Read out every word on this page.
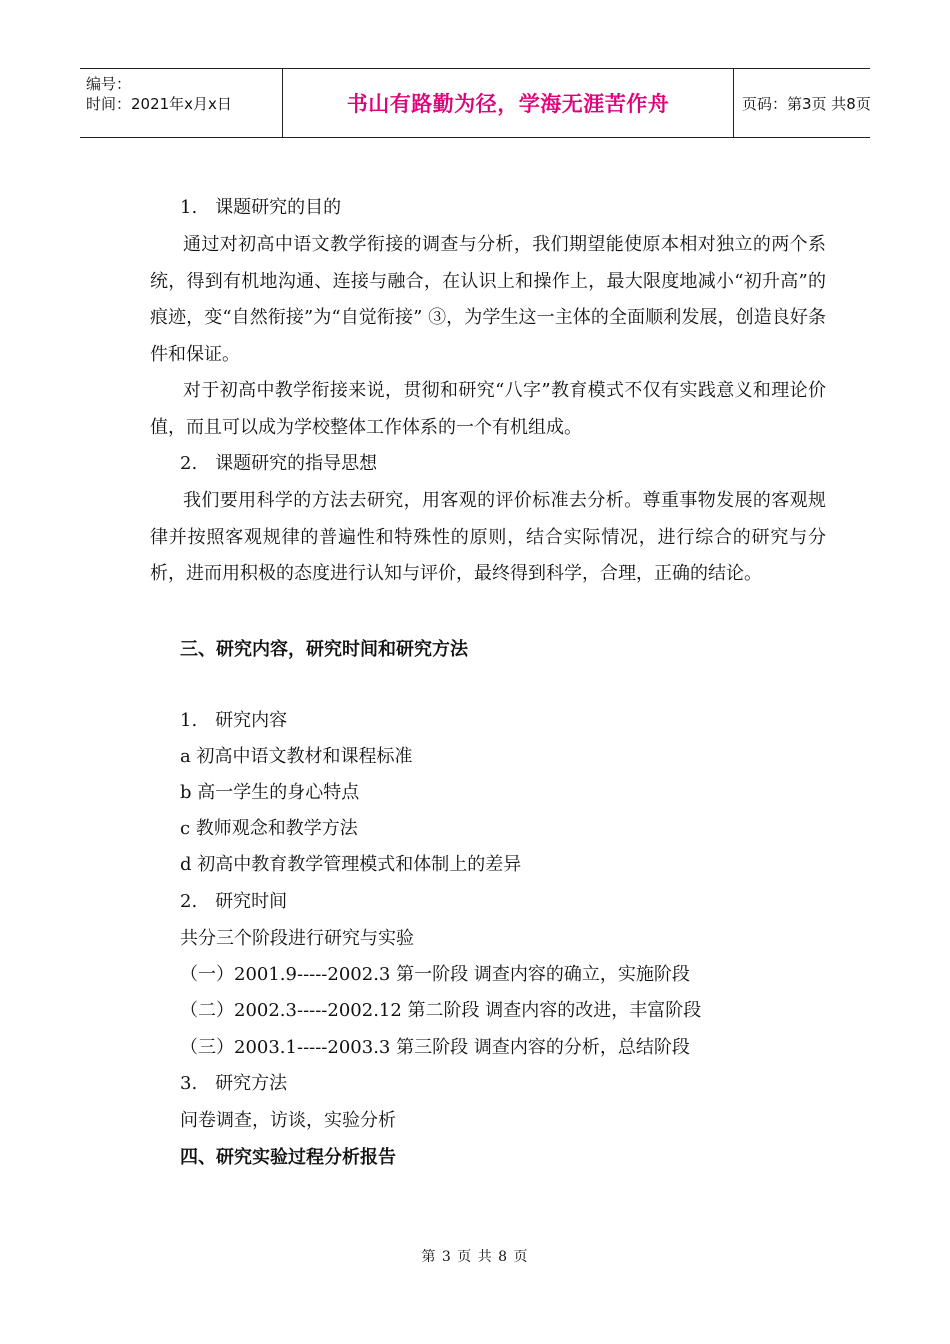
编号：
时间：2021年x月x日	书山有路勤为径，学海无涯苦作舟	页码：第3页 共8页
1.　课题研究的目的
通过对初高中语文教学衔接的调查与分析，我们期望能使原本相对独立的两个系统，得到有机地沟通、连接与融合，在认识上和操作上，最大限度地减小“初升高”的痕迹，变“自然衔接”为“自觉衔接” ③，为学生这一主体的全面顺利发展，创造良好条件和保证。
对于初高中教学衔接来说，贯彻和研究“八字”教育模式不仅有实践意义和理论价值，而且可以成为学校整体工作体系的一个有机组成。
2.　课题研究的指导思想
我们要用科学的方法去研究，用客观的评价标准去分析。尊重事物发展的客观规律并按照客观规律的普遍性和特殊性的原则，结合实际情况，进行综合的研究与分析，进而用积极的态度进行认知与评价，最终得到科学，合理，正确的结论。
三、研究内容，研究时间和研究方法
1.　研究内容
a 初高中语文教材和课程标准
b 高一学生的身心特点
c 教师观念和教学方法
d 初高中教育教学管理模式和体制上的差异
2.　研究时间
共分三个阶段进行研究与实验
（一）2001.9-----2002.3 第一阶段 调查内容的确立，实施阶段
（二）2002.3-----2002.12 第二阶段 调查内容的改进，丰富阶段
（三）2003.1-----2003.3 第三阶段 调查内容的分析，总结阶段
3.　研究方法
问卷调查，访谈，实验分析
四、研究实验过程分析报告
第 3 页 共 8 页
